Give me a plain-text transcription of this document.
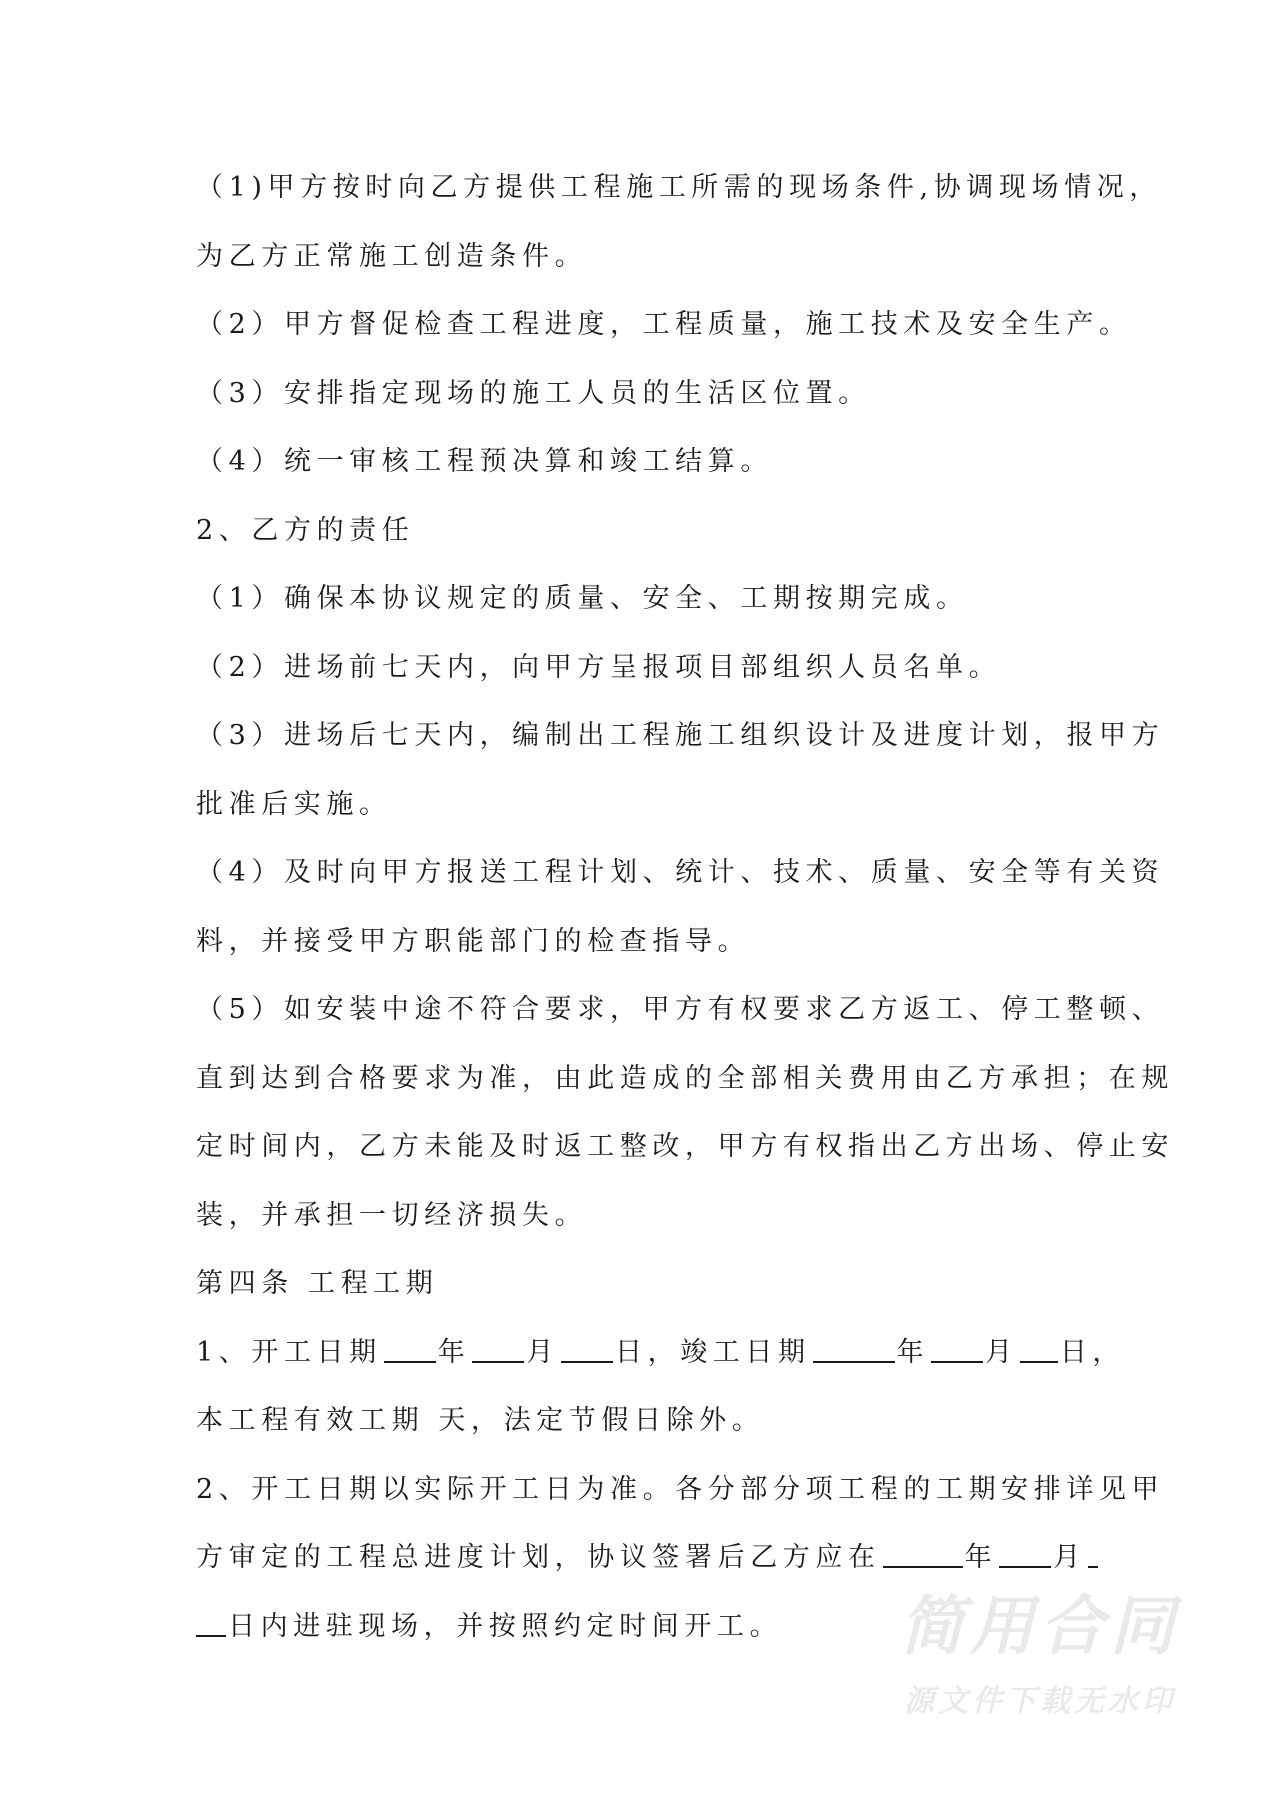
（1)甲方按时向乙方提供工程施工所需的现场条件,协调现场情况，
为乙方正常施工创造条件。
（2）甲方督促检查工程进度，工程质量，施工技术及安全生产。
（3）安排指定现场的施工人员的生活区位置。
（4）统一审核工程预决算和竣工结算。
2、乙方的责任
（1）确保本协议规定的质量、安全、工期按期完成。
（2）进场前七天内，向甲方呈报项目部组织人员名单。
（3）进场后七天内，编制出工程施工组织设计及进度计划，报甲方
批准后实施。
（4）及时向甲方报送工程计划、统计、技术、质量、安全等有关资
料，并接受甲方职能部门的检查指导。
（5）如安装中途不符合要求，甲方有权要求乙方返工、停工整顿、
直到达到合格要求为准，由此造成的全部相关费用由乙方承担；在规
定时间内，乙方未能及时返工整改，甲方有权指出乙方出场、停止安
装，并承担一切经济损失。
第四条 工程工期
1、开工日期 年 月 日，竣工日期	年 月 日，
本工程有效工期 天，法定节假日除外。
2、开工日期以实际开工日为准。各分部分项工程的工期安排详见甲
方审定的工程总进度计划，协议签署后乙方应在	年 月
日内进驻现场，并按照约定时间开工。	简用合同
源文件下载无水印
